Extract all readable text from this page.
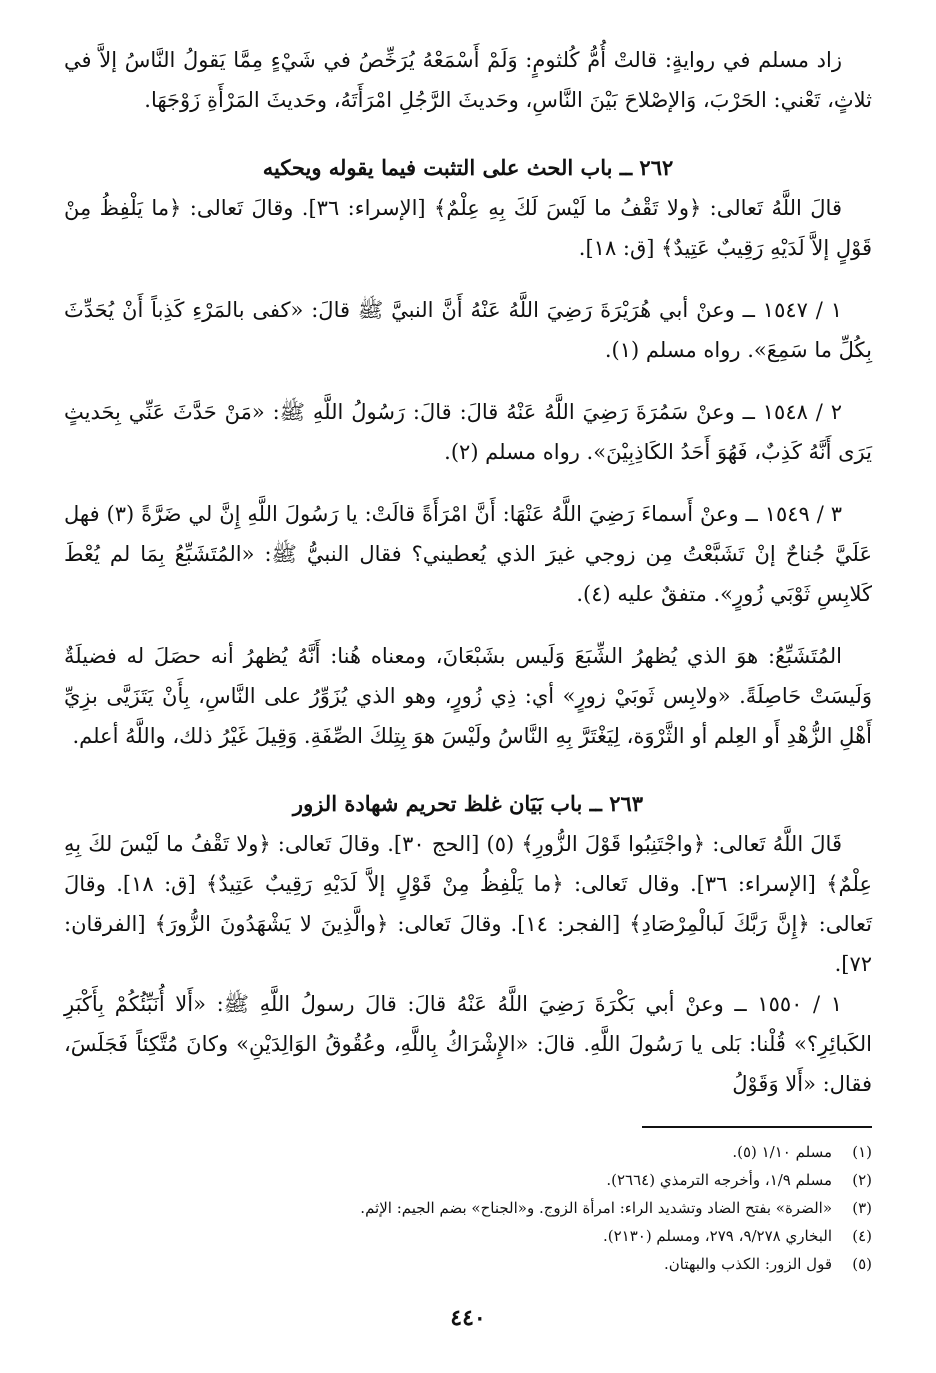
زاد مسلم في روايةٍ: قالتْ أُمُّ كُلثومٍ: وَلَمْ أَسْمَعْهُ يُرَخِّصُ في شَيْءٍ مِمَّا يَقولُ النَّاسُ إلاَّ في ثلاثٍ، تَعْني: الحَرْبَ، وَالإصْلاحَ بَيْنَ النَّاسِ، وحَديثَ الرَّجُلِ امْرَأَتَهُ، وحَديثَ المَرْأَةِ زَوْجَهَا.

٢٦٢ ــ باب الحث على التثبت فيما يقوله ويحكيه

قالَ اللَّهُ تَعالى: ﴿ولا تَقْفُ ما لَيْسَ لَكَ بِهِ عِلْمٌ﴾ [الإسراء: ٣٦]. وقالَ تَعالى: ﴿ما يَلْفِظُ مِنْ قَوْلٍ إلاَّ لَدَيْهِ رَقِيبٌ عَتِيدٌ﴾ [ق: ١٨].

١ / ١٥٤٧ ــ وعنْ أبي هُرَيْرَةَ رَضِيَ اللَّهُ عَنْهُ أَنَّ النبيَّ ﷺ قالَ: «كفى بالمَرْءِ كَذِباً أَنْ يُحَدِّثَ بِكُلِّ ما سَمِعَ». رواه مسلم (١).

٢ / ١٥٤٨ ــ وعنْ سَمُرَةَ رَضِيَ اللَّهُ عَنْهُ قالَ: قالَ: رَسُولُ اللَّهِ ﷺ: «مَنْ حَدَّثَ عَنِّي بِحَديثٍ يَرَى أَنَّهُ كَذِبٌ، فَهُوَ أَحَدُ الكَاذِبِيْنَ». رواه مسلم (٢).

٣ / ١٥٤٩ ــ وعنْ أَسماءَ رَضِيَ اللَّهُ عَنْهَا: أَنَّ امْرَأَةً قالَتْ: يا رَسُولَ اللَّهِ إِنَّ لي ضَرَّةً (٣) فهل عَلَيَّ جُناحٌ إنْ تَشَبَّعْتُ مِن زوجي غيرَ الذي يُعطيني؟ فقال النبيُّ ﷺ: «المُتَشَبِّعُ بِمَا لم يُعْطَ كَلابِسِ ثَوْبَي زُورٍ». متفقٌ عليه (٤).

المُتَشَبِّعُ: هوَ الذي يُظهرُ الشِّبَعَ وَلَيس بشَبْعَانَ، ومعناه هُنا: أَنَّهُ يُظهرُ أنه حصَلَ له فضيلَةٌ وَلَيسَتْ حَاصِلَةً. «ولابِس ثَوبَيْ زورٍ» أي: ذِي زُورٍ، وهو الذي يُزَوِّرُ على النَّاسِ، بِأَنْ يَتَزَيَّى بزِيِّ أَهْلِ الزُّهْدِ أَو العِلم أو الثَّرْوَة، لِيَغْتَرَّ بِهِ النَّاسُ ولَيْسَ هوَ بِتِلكَ الصِّفَةِ. وَقِيلَ غَيْرُ ذلك، واللَّهُ أعلم.

٢٦٣ ــ باب بَيَان غلظ تحريم شهادة الزور

قَالَ اللَّهُ تَعالى: ﴿واجْتَنِبُوا قَوْلَ الزُّورِ﴾ (٥) [الحج ٣٠]. وقالَ تَعالى: ﴿ولا تَقْفُ ما لَيْسَ لكَ بِهِ عِلْمٌ﴾ [الإسراء: ٣٦]. وقال تَعالى: ﴿ما يَلْفِظُ مِنْ قَوْلٍ إلاَّ لَدَيْهِ رَقِيبٌ عَتِيدٌ﴾ [ق: ١٨]. وقالَ تَعالى: ﴿إِنَّ رَبَّكَ لَبالْمِرْصَادِ﴾ [الفجر: ١٤]. وقالَ تَعالى: ﴿والَّذِينَ لا يَشْهَدُونَ الزُّورَ﴾ [الفرقان: ٧٢].

١ / ١٥٥٠ ــ وعنْ أبي بَكْرَةَ رَضِيَ اللَّهُ عَنْهُ قالَ: قالَ رسولُ اللَّهِ ﷺ: «أَلا أُنَبِّئُكُمْ بِأَكْبَرِ الكَبائِرِ؟» قُلْنا: بَلى يا رَسُولَ اللَّهِ. قالَ: «الإِشْرَاكُ بِاللَّهِ، وعُقُوقُ الوَالِدَيْنِ» وكانَ مُتَّكِئاً فَجَلَسَ، فقال: «أَلا وَقَوْلُ

(١)
مسلم ١/١٠ (٥).
(٢)
مسلم ١/٩، وأخرجه الترمذي (٢٦٦٤).
(٣)
«الضرة» بفتح الضاد وتشديد الراء: امرأة الزوج. و«الجناح» بضم الجيم: الإثم.
(٤)
البخاري ٩/٢٧٨، ٢٧٩، ومسلم (٢١٣٠).
(٥)
قول الزور: الكذب والبهتان.
٤٤٠
